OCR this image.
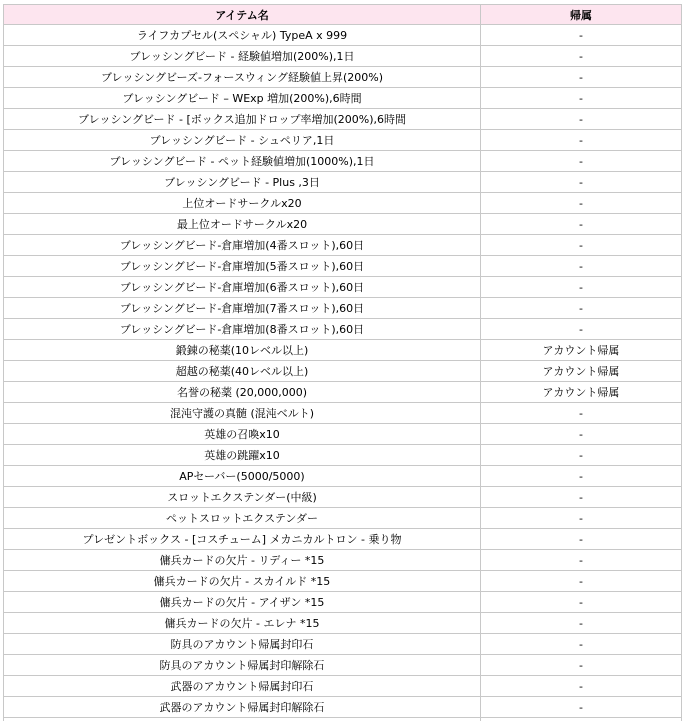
アイテム名	帰属
ライフカプセル(スペシャル) TypeA x 999	-
ブレッシングビード - 経験値増加(200%),1日	-
ブレッシングビーズ-フォースウィング経験値上昇(200%)	-
ブレッシングビード – WExp 増加(200%),6時間	-
ブレッシングビード - [ボックス追加ドロップ率増加(200%),6時間	-
ブレッシングビード - シュペリア,1日	-
ブレッシングビード - ペット経験値増加(1000%),1日	-
ブレッシングビード - Plus ,3日	-
上位オードサークルx20	-
最上位オードサークルx20	-
ブレッシングビード-倉庫増加(4番スロット),60日	-
ブレッシングビード-倉庫増加(5番スロット),60日	-
ブレッシングビード-倉庫増加(6番スロット),60日	-
ブレッシングビード-倉庫増加(7番スロット),60日	-
ブレッシングビード-倉庫増加(8番スロット),60日	-
鍛錬の秘薬(10レベル以上)	アカウント帰属
超越の秘薬(40レベル以上)	アカウント帰属
名誉の秘薬 (20,000,000)	アカウント帰属
混沌守護の真髄 (混沌ベルト)	-
英雄の召喚x10	-
英雄の跳躍x10	-
APセーバー(5000/5000)	-
スロットエクステンダー(中級)	-
ペットスロットエクステンダー	-
プレゼントボックス - [コスチューム] メカニカルトロン - 乗り物	-
傭兵カードの欠片 - リディー *15	-
傭兵カードの欠片 - スカイルド *15	-
傭兵カードの欠片 - アイザン *15	-
傭兵カードの欠片 - エレナ *15	-
防具のアカウント帰属封印石	-
防具のアカウント帰属封印解除石	-
武器のアカウント帰属封印石	-
武器のアカウント帰属封印解除石	-
